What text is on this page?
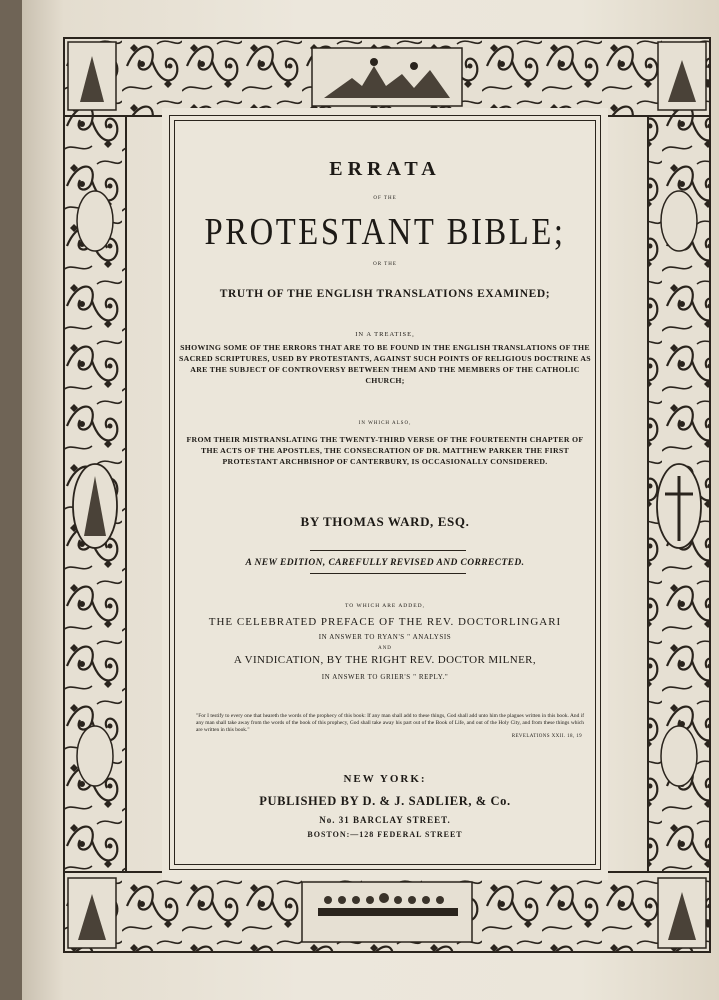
ERRATA
OF THE
PROTESTANT BIBLE;
OR THE
TRUTH OF THE ENGLISH TRANSLATIONS EXAMINED;
IN A TREATISE,
SHOWING SOME OF THE ERRORS THAT ARE TO BE FOUND IN THE ENGLISH TRANSLATIONS OF THE SACRED SCRIPTURES, USED BY PROTESTANTS, AGAINST SUCH POINTS OF RELIGIOUS DOCTRINE AS ARE THE SUBJECT OF CONTROVERSY BETWEEN THEM AND THE MEMBERS OF THE CATHOLIC CHURCH;
IN WHICH ALSO,
FROM THEIR MISTRANSLATING THE TWENTY-THIRD VERSE OF THE FOURTEENTH CHAPTER OF THE ACTS OF THE APOSTLES, THE CONSECRATION OF DR. MATTHEW PARKER THE FIRST PROTESTANT ARCHBISHOP OF CANTERBURY, IS OCCASIONALLY CONSIDERED.
BY THOMAS WARD, ESQ.
A NEW EDITION, CAREFULLY REVISED AND CORRECTED.
TO WHICH ARE ADDED,
THE CELEBRATED PREFACE OF THE REV. DOCTORLINGARI
IN ANSWER TO RYAN'S " ANALYSIS
AND
A VINDICATION, BY THE RIGHT REV. DOCTOR MILNER,
IN ANSWER TO GRIER'S " REPLY."
"For I testify to every one that heareth the words of the prophecy of this book: If any man shall add to these things, God shall add unto him the plagues written in this book. And if any man shall take away from the words of the book of this prophecy, God shall take away his part out of the Book of Life, and out of the Holy City, and from these things which are written in this book."
REVELATIONS XXII. 18, 19
NEW YORK:
PUBLISHED BY D. & J. SADLIER, & Co.
No. 31 BARCLAY STREET.
BOSTON:—128 FEDERAL STREET
